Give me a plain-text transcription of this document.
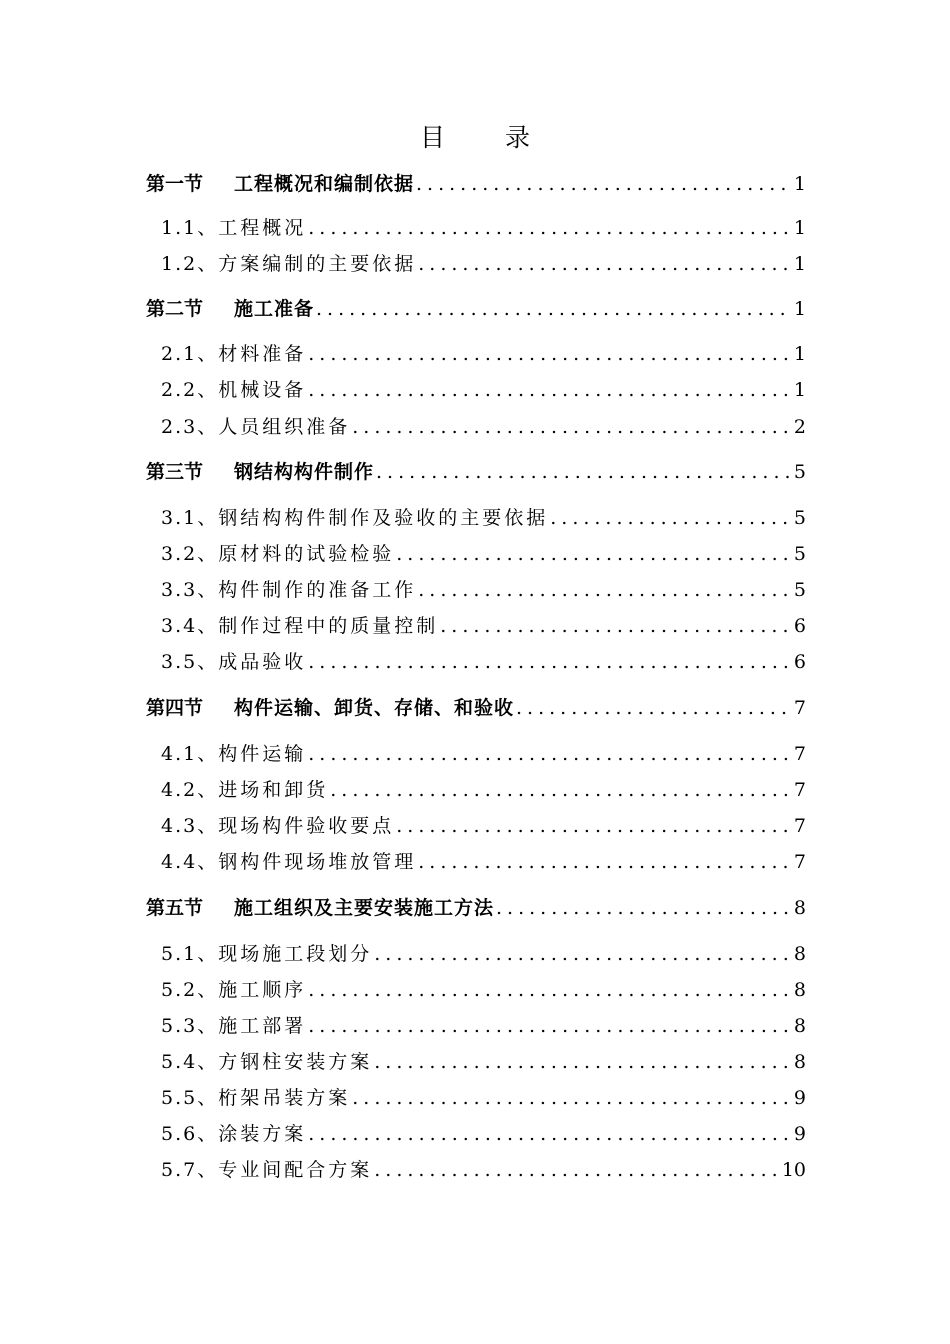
目 录
第一节	工程概况和编制依据 .....	1
1.1、 工程概况 .....	1
1.2、 方案编制的主要依据 .....	1
第二节	施工准备 .....	1
2.1、 材料准备 .....	1
2.2、 机械设备 .....	1
2.3、 人员组织准备 .....	2
第三节	钢结构构件制作 .....	5
3.1、 钢结构构件制作及验收的主要依据 .....	5
3.2、 原材料的试验检验 .....	5
3.3、 构件制作的准备工作 .....	5
3.4、 制作过程中的质量控制 .....	6
3.5、 成品验收 .....	6
第四节	构件运输、卸货、存储、和验收 .....	7
4.1、 构件运输 .....	7
4.2、 进场和卸货 .....	7
4.3、 现场构件验收要点 .....	7
4.4、 钢构件现场堆放管理 .....	7
第五节	施工组织及主要安装施工方法 .....	8
5.1、 现场施工段划分 .....	8
5.2、 施工顺序 .....	8
5.3、 施工部署 .....	8
5.4、 方钢柱安装方案 .....	8
5.5、 桁架吊装方案 .....	9
5.6、 涂装方案 .....	9
5.7、 专业间配合方案 .....	10
